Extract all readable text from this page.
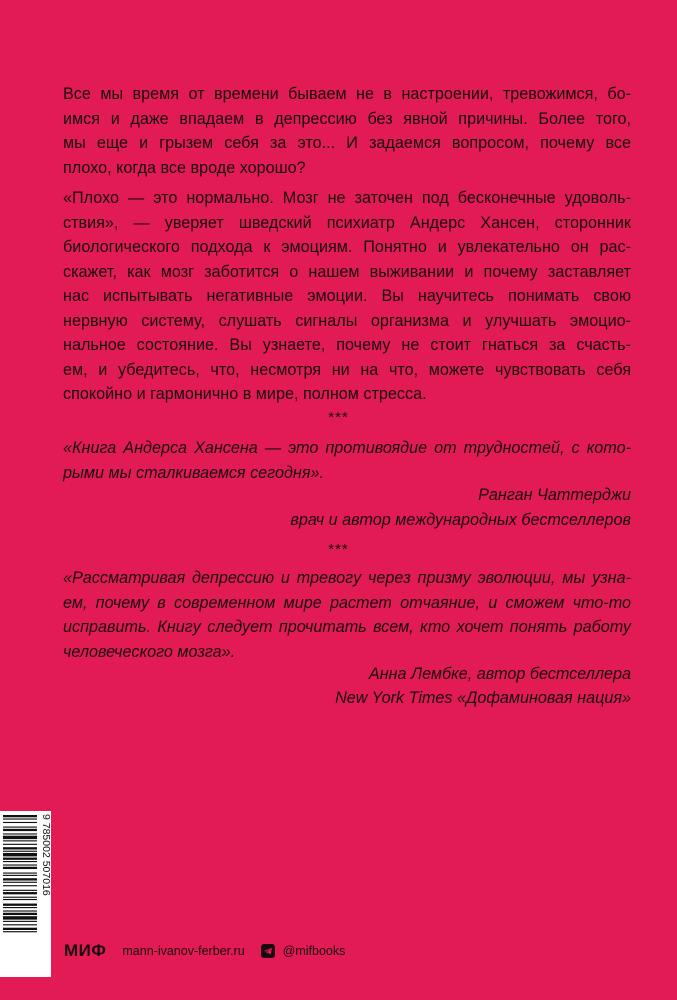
Все мы время от времени бываем не в настроении, тревожимся, бо-
имся и даже впадаем в депрессию без явной причины. Более того,
мы еще и грызем себя за это... И задаемся вопросом, почему все
плохо, когда все вроде хорошо?
«Плохо — это нормально. Мозг не заточен под бесконечные удоволь-
ствия», — уверяет шведский психиатр Андерс Хансен, сторонник
биологического подхода к эмоциям. Понятно и увлекательно он рас-
скажет, как мозг заботится о нашем выживании и почему заставляет
нас испытывать негативные эмоции. Вы научитесь понимать свою
нервную систему, слушать сигналы организма и улучшать эмоцио-
нальное состояние. Вы узнаете, почему не стоит гнаться за счасть-
ем, и убедитесь, что, несмотря ни на что, можете чувствовать себя
спокойно и гармонично в мире, полном стресса.
***
«Книга Андерса Хансена — это противоядие от трудностей, с кото-
рыми мы сталкиваемся сегодня».
Ранган Чаттерджи
врач и автор международных бестселлеров
***
«Рассматривая депрессию и тревогу через призму эволюции, мы узна-
ем, почему в современном мире растет отчаяние, и сможем что-то
исправить. Книгу следует прочитать всем, кто хочет понять работу
человеческого мозга».
Анна Лембке, автор бестселлера
New York Times «Дофаминовая нация»
9 785002 507016
МИФ mann-ivanov-ferber.ru	@mifbooks
